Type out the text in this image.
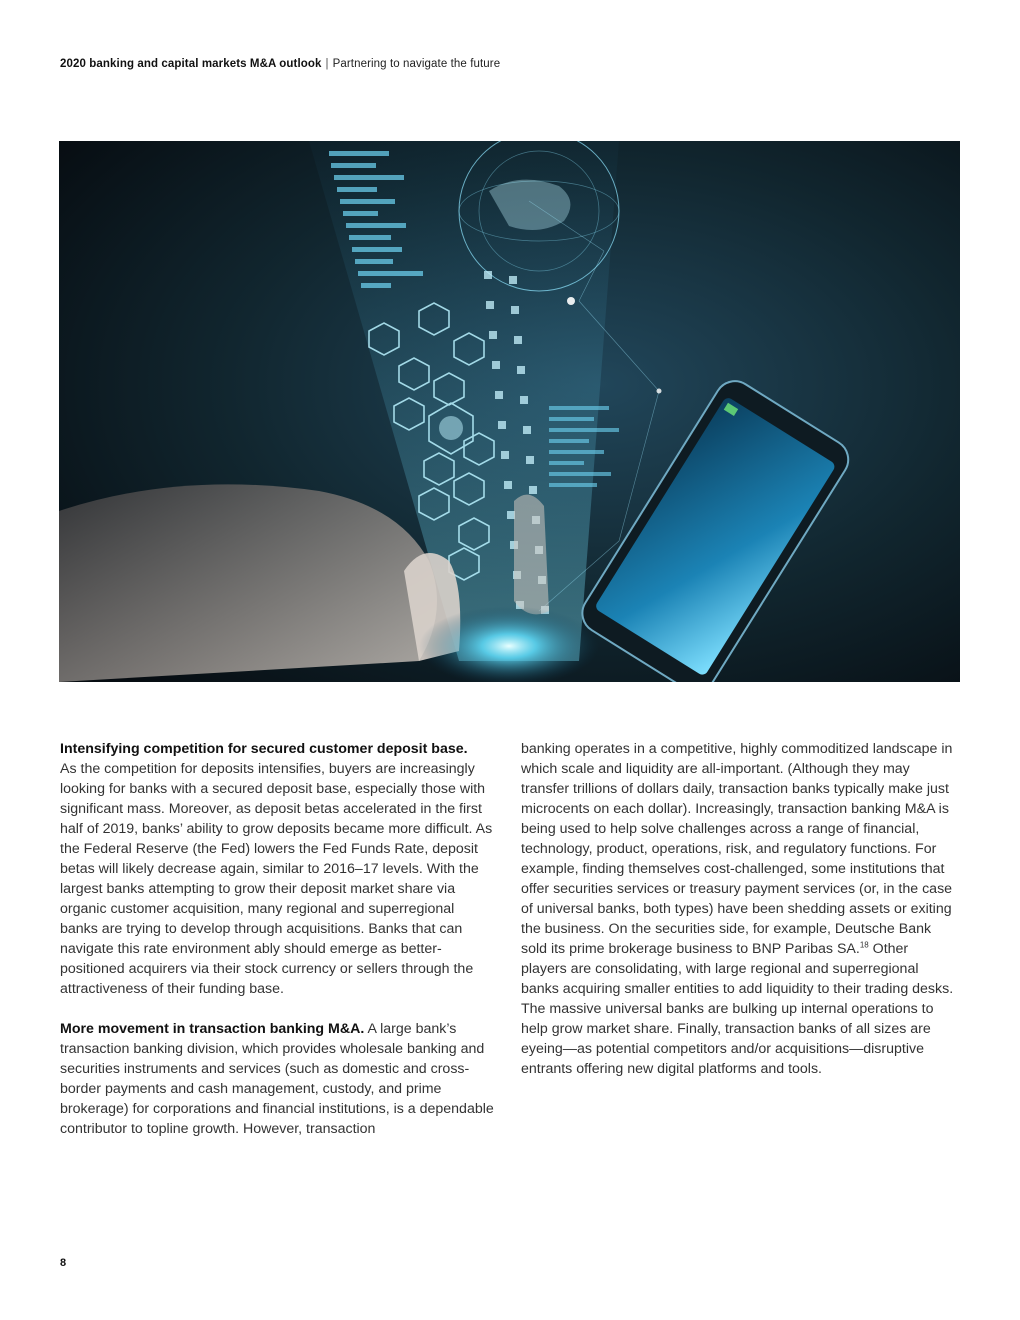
2020 banking and capital markets M&A outlook | Partnering to navigate the future

Intensifying competition for secured customer deposit base.
As the competition for deposits intensifies, buyers are increasingly looking for banks with a secured deposit base, especially those with significant mass. Moreover, as deposit betas accelerated in the first half of 2019, banks’ ability to grow deposits became more difficult. As the Federal Reserve (the Fed) lowers the Fed Funds Rate, deposit betas will likely decrease again, similar to 2016–17 levels. With the largest banks attempting to grow their deposit market share via organic customer acquisition, many regional and superregional banks are trying to develop through acquisitions. Banks that can navigate this rate environment ably should emerge as better-positioned acquirers via their stock currency or sellers through the attractiveness of their funding base.

More movement in transaction banking M&A. A large bank’s transaction banking division, which provides wholesale banking and securities instruments and services (such as domestic and cross-border payments and cash management, custody, and prime brokerage) for corporations and financial institutions, is a dependable contributor to topline growth. However, transaction

banking operates in a competitive, highly commoditized landscape in which scale and liquidity are all-important. (Although they may transfer trillions of dollars daily, transaction banks typically make just microcents on each dollar). Increasingly, transaction banking M&A is being used to help solve challenges across a range of financial, technology, product, operations, risk, and regulatory functions. For example, finding themselves cost-challenged, some institutions that offer securities services or treasury payment services (or, in the case of universal banks, both types) have been shedding assets or exiting the business. On the securities side, for example, Deutsche Bank sold its prime brokerage business to BNP Paribas SA.$^{18}$ Other players are consolidating, with large regional and superregional banks acquiring smaller entities to add liquidity to their trading desks. The massive universal banks are bulking up internal operations to help grow market share. Finally, transaction banks of all sizes are eyeing—as potential competitors and/or acquisitions—disruptive entrants offering new digital platforms and tools.

8
